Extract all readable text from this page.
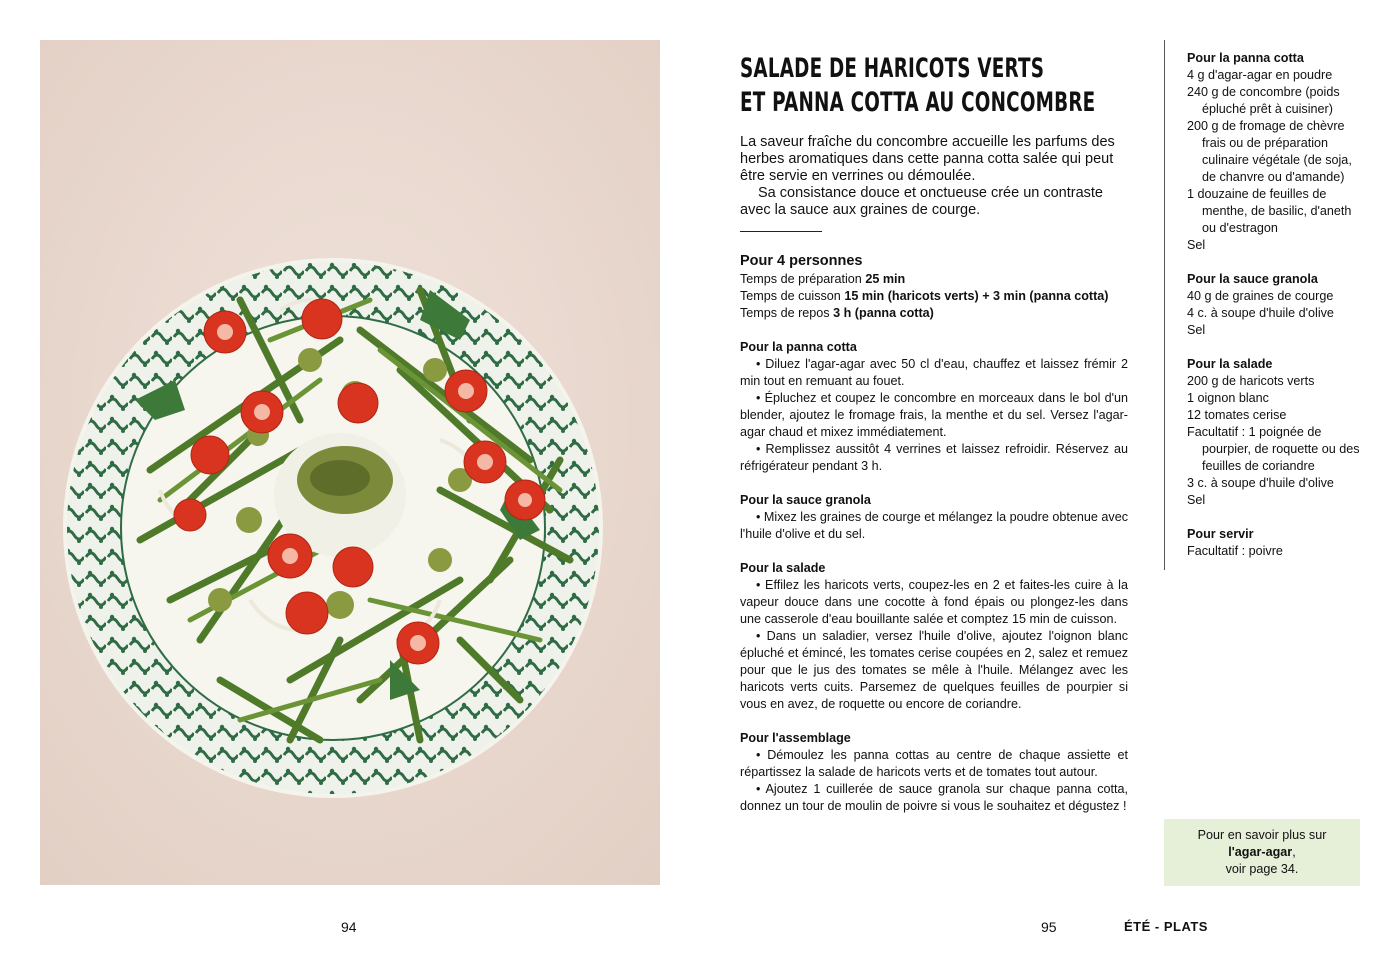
SALADE DE HARICOTS VERTS
ET PANNA COTTA AU CONCOMBRE

La saveur fraîche du concombre accueille les parfums des herbes aromatiques dans cette panna cotta salée qui peut être servie en verrines ou démoulée.

Sa consistance douce et onctueuse crée un contraste avec la sauce aux graines de courge.

Pour 4 personnes
Temps de préparation 25 min
Temps de cuisson 15 min (haricots verts) + 3 min (panna cotta)
Temps de repos 3 h (panna cotta)
Pour la panna cotta

• Diluez l'agar-agar avec 50 cl d'eau, chauffez et laissez frémir 2 min tout en remuant au fouet.

• Épluchez et coupez le concombre en morceaux dans le bol d'un blender, ajoutez le fromage frais, la menthe et du sel. Versez l'agar-agar chaud et mixez immédiatement.

• Remplissez aussitôt 4 verrines et laissez refroidir. Réservez au réfrigérateur pendant 3 h.

Pour la sauce granola

• Mixez les graines de courge et mélangez la poudre obtenue avec l'huile d'olive et du sel.

Pour la salade

• Effilez les haricots verts, coupez-les en 2 et faites-les cuire à la vapeur douce dans une cocotte à fond épais ou plongez-les dans une casserole d'eau bouillante salée et comptez 15 min de cuisson.

• Dans un saladier, versez l'huile d'olive, ajoutez l'oignon blanc épluché et émincé, les tomates cerise coupées en 2, salez et remuez pour que le jus des tomates se mêle à l'huile. Mélangez avec les haricots verts cuits. Parsemez de quelques feuilles de pourpier si vous en avez, de roquette ou encore de coriandre.

Pour l'assemblage

• Démoulez les panna cottas au centre de chaque assiette et répartissez la salade de haricots verts et de tomates tout autour.

• Ajoutez 1 cuillerée de sauce granola sur chaque panna cotta, donnez un tour de moulin de poivre si vous le souhaitez et dégustez !

Pour la panna cotta
4 g d'agar-agar en poudre
240 g de concombre (poids épluché prêt à cuisiner)
200 g de fromage de chèvre frais ou de préparation culinaire végétale (de soja, de chanvre ou d'amande)
1 douzaine de feuilles de menthe, de basilic, d'aneth ou d'estragon
Sel
Pour la sauce granola
40 g de graines de courge
4 c. à soupe d'huile d'olive
Sel
Pour la salade
200 g de haricots verts
1 oignon blanc
12 tomates cerise
Facultatif : 1 poignée de pourpier, de roquette ou des feuilles de coriandre
3 c. à soupe d'huile d'olive
Sel
Pour servir
Facultatif : poivre
Pour en savoir plus sur
l'agar-agar,
voir page 34.
94	95	ÉTÉ - PLATS
